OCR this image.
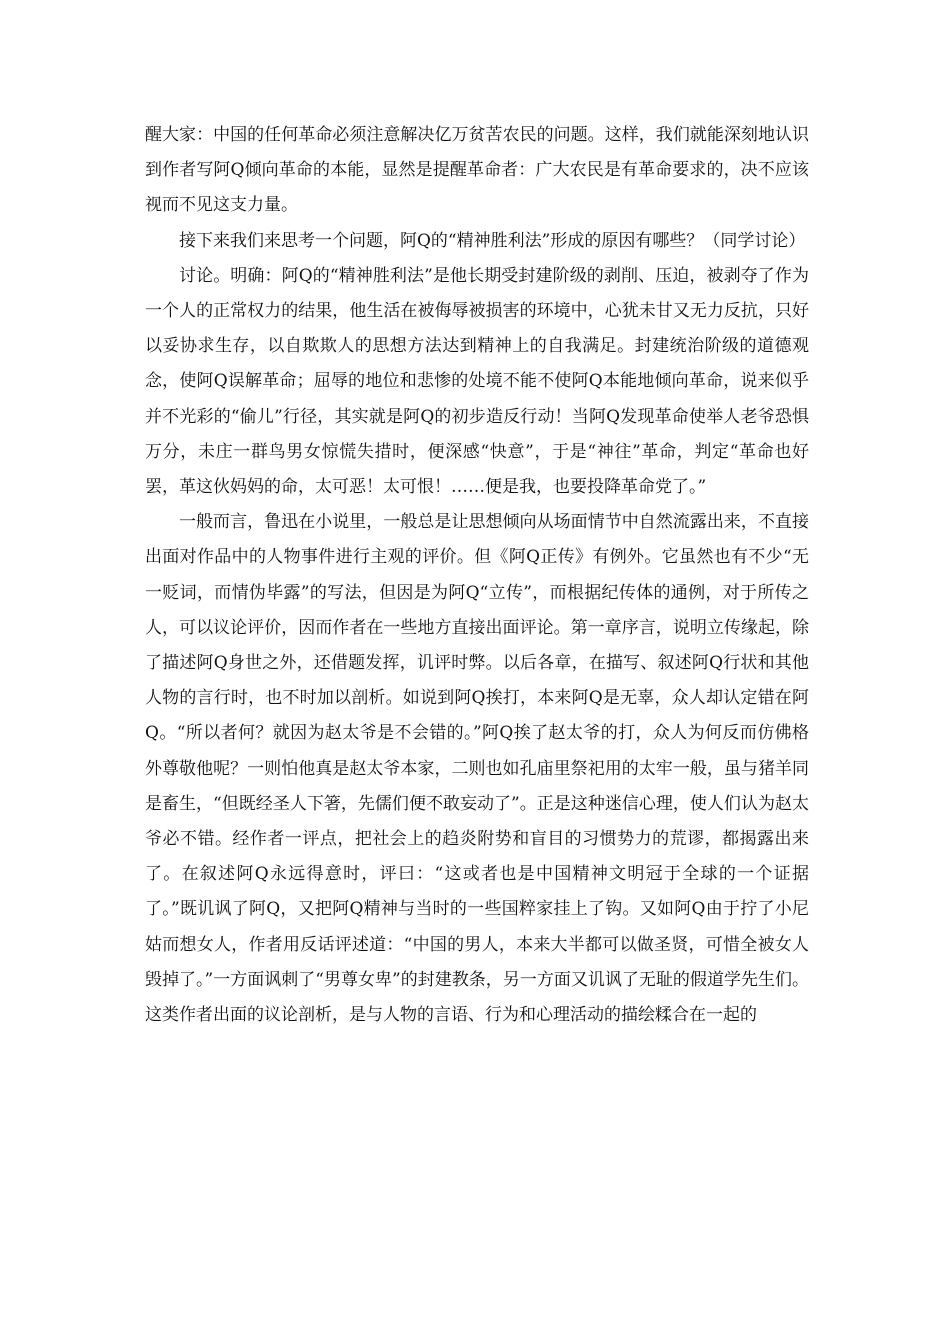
醒大家：中国的任何革命必须注意解决亿万贫苦农民的问题。这样，我们就能深刻地认识到作者写阿Q倾向革命的本能，显然是提醒革命者：广大农民是有革命要求的，决不应该视而不见这支力量。

接下来我们来思考一个问题，阿Q的“精神胜利法”形成的原因有哪些？（同学讨论）

讨论。明确：阿Q的“精神胜利法”是他长期受封建阶级的剥削、压迫，被剥夺了作为一个人的正常权力的结果，他生活在被侮辱被损害的环境中，心犹未甘又无力反抗，只好以妥协求生存，以自欺欺人的思想方法达到精神上的自我满足。封建统治阶级的道德观念，使阿Q误解革命；屈辱的地位和悲惨的处境不能不使阿Q本能地倾向革命，说来似乎并不光彩的“偷儿”行径，其实就是阿Q的初步造反行动！当阿Q发现革命使举人老爷恐惧万分，未庄一群鸟男女惊慌失措时，便深感“快意”，于是“神往”革命，判定“革命也好罢，革这伙妈妈的命，太可恶！太可恨！……便是我，也要投降革命党了。”

一般而言，鲁迅在小说里，一般总是让思想倾向从场面情节中自然流露出来，不直接出面对作品中的人物事件进行主观的评价。但《阿Q正传》有例外。它虽然也有不少“无一贬词，而情伪毕露”的写法，但因是为阿Q“立传”，而根据纪传体的通例，对于所传之人，可以议论评价，因而作者在一些地方直接出面评论。第一章序言，说明立传缘起，除了描述阿Q身世之外，还借题发挥，讥评时弊。以后各章，在描写、叙述阿Q行状和其他人物的言行时，也不时加以剖析。如说到阿Q挨打，本来阿Q是无辜，众人却认定错在阿Q。“所以者何？就因为赵太爷是不会错的。”阿Q挨了赵太爷的打，众人为何反而仿佛格外尊敬他呢？一则怕他真是赵太爷本家，二则也如孔庙里祭祀用的太牢一般，虽与猪羊同是畜生，“但既经圣人下箸，先儒们便不敢妄动了”。正是这种迷信心理，使人们认为赵太爷必不错。经作者一评点，把社会上的趋炎附势和盲目的习惯势力的荒谬，都揭露出来了。在叙述阿Q永远得意时，评曰：“这或者也是中国精神文明冠于全球的一个证据了。”既讥讽了阿Q，又把阿Q精神与当时的一些国粹家挂上了钩。又如阿Q由于拧了小尼姑而想女人，作者用反话评述道：“中国的男人，本来大半都可以做圣贤，可惜全被女人毁掉了。”一方面讽刺了“男尊女卑”的封建教条，另一方面又讥讽了无耻的假道学先生们。这类作者出面的议论剖析，是与人物的言语、行为和心理活动的描绘糅合在一起的
